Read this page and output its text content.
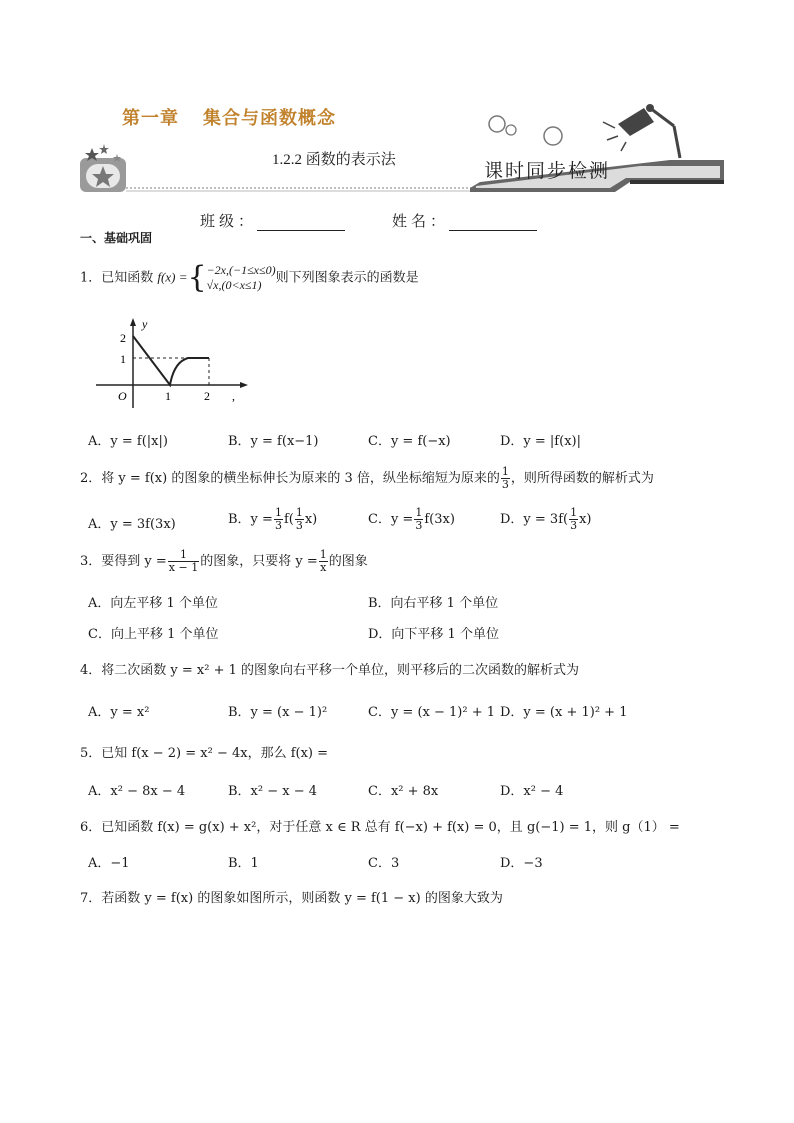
第一章 集合与函数概念
1.2.2 函数的表示法	课时同步检测
班级：	姓名：
一、基础巩固
1．已知函数 f(x) ={ −2x,(−1≤x≤0)
√x,(0<x≤1)	则下列图象表示的函数是
y
O
2
1
1	2 ,
A．y = f(|x|)	B．y = f(x−1)	C．y = f(−x)	D．y = |f(x)|
2．将 y = f(x) 的图象的横坐标伸长为原来的 3 倍，纵坐标缩短为原来的 $\frac{1}{3}$ ，则所得函数的解析式为
A．y = 3f(3x)	B．$y = \frac{1}{3} f( \frac{1}{3} x)$	C．$y = \frac{1}{3} f(3x)$	D．$y = 3f( \frac{1}{3} x)$
3．要得到 $y = \frac{1}{x - 1}$ 的图象，只要将 $y = \frac{1}{x}$ 的图象
A．向左平移 1 个单位	B．向右平移 1 个单位
C．向上平移 1 个单位	D．向下平移 1 个单位
4．将二次函数 y = x² + 1 的图象向右平移一个单位，则平移后的二次函数的解析式为
A．y = x²	B．y = (x − 1)²	C．y = (x − 1)² + 1 D．y = (x + 1)² + 1
5．已知 f(x − 2) = x² − 4x，那么 f(x) =
A．x² − 8x − 4	B．x² − x − 4	C．x² + 8x	D．x² − 4
6．已知函数 f(x) = g(x) + x²，对于任意 x ∈ R 总有 f(−x) + f(x) = 0，且 g(−1) = 1，则 g（1） =
A．−1	B．1	C．3	D．−3
7．若函数 y = f(x) 的图象如图所示，则函数 y = f(1 − x) 的图象大致为
